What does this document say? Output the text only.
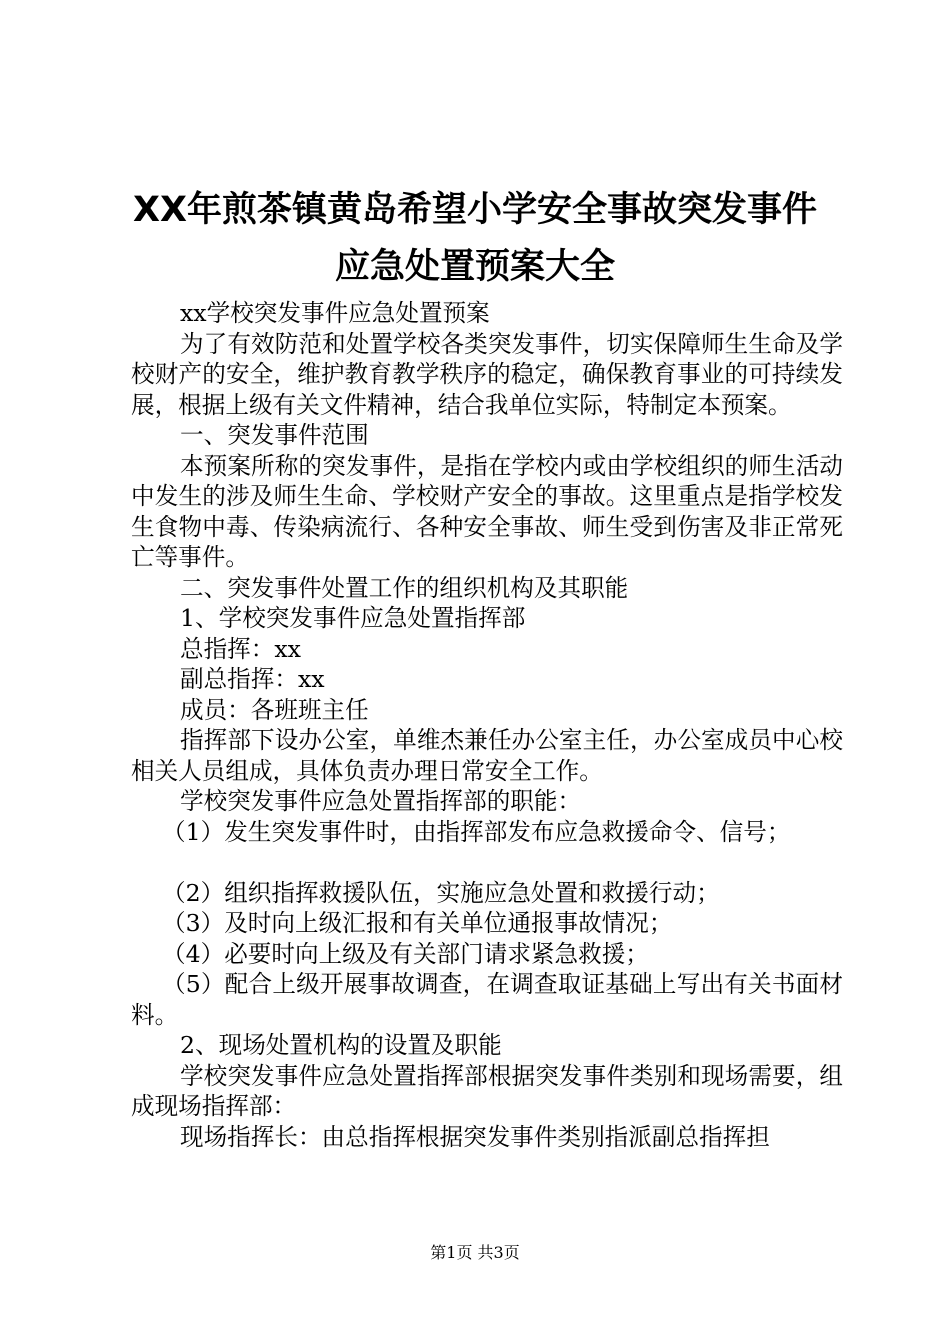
XX年煎茶镇黄岛希望小学安全事故突发事件
应急处置预案大全

xx学校突发事件应急处置预案

为了有效防范和处置学校各类突发事件，切实保障师生生命及学校财产的安全，维护教育教学秩序的稳定，确保教育事业的可持续发展，根据上级有关文件精神，结合我单位实际，特制定本预案。

一、突发事件范围

本预案所称的突发事件，是指在学校内或由学校组织的师生活动中发生的涉及师生生命、学校财产安全的事故。这里重点是指学校发生食物中毒、传染病流行、各种安全事故、师生受到伤害及非正常死亡等事件。

二、突发事件处置工作的组织机构及其职能

1、学校突发事件应急处置指挥部

总指挥：xx

副总指挥：xx

成员：各班班主任

指挥部下设办公室，单维杰兼任办公室主任，办公室成员中心校相关人员组成，具体负责办理日常安全工作。

学校突发事件应急处置指挥部的职能：

（1）发生突发事件时，由指挥部发布应急救援命令、信号；

（2）组织指挥救援队伍，实施应急处置和救援行动；

（3）及时向上级汇报和有关单位通报事故情况；

（4）必要时向上级及有关部门请求紧急救援；

（5）配合上级开展事故调查，在调查取证基础上写出有关书面材料。

2、现场处置机构的设置及职能

学校突发事件应急处置指挥部根据突发事件类别和现场需要，组成现场指挥部：

现场指挥长：由总指挥根据突发事件类别指派副总指挥担

第1页 共3页
